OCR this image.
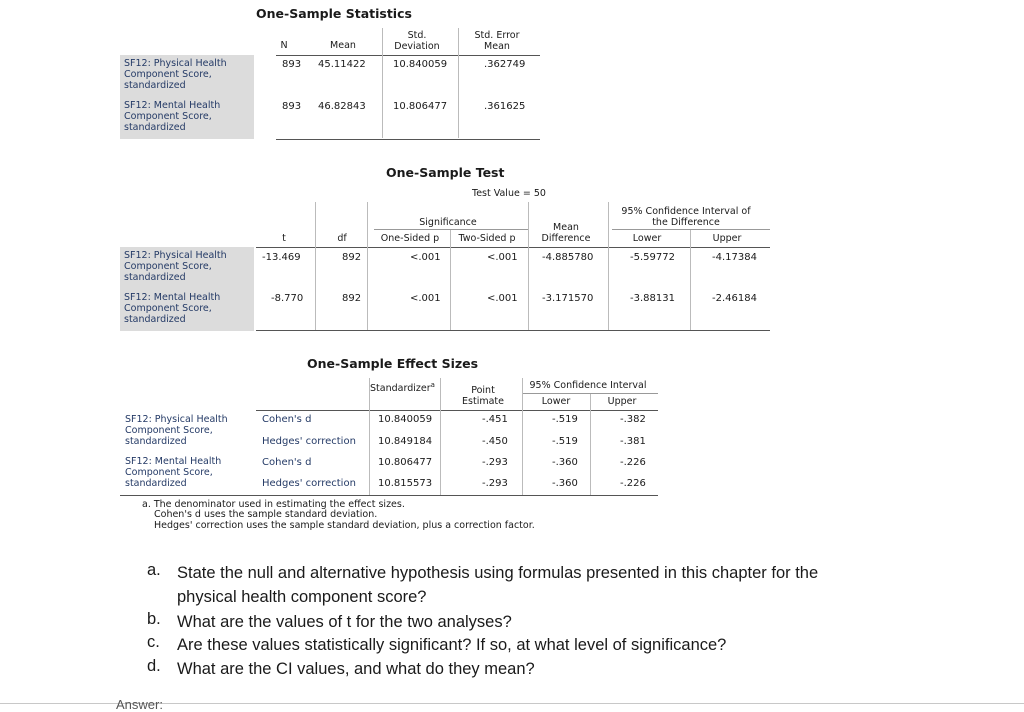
One-Sample Statistics
N	Mean
Std.
Deviation
Std. Error
Mean
SF12: Physical Health Component Score, standardized
893 45.11422	10.840059	.362749
SF12: Mental Health Component Score, standardized
893 46.82843	10.806477	.361625
One-Sample Test
Test Value = 50
95% Confidence Interval of
the Difference
Mean
Difference
Significance
t	df	One-Sided p	Two-Sided p	Lower	Upper
SF12: Physical Health Component Score, standardized
-13.469	892	<.001	<.001 -4.885780	-5.59772	-4.17384
SF12: Mental Health Component Score, standardized
-8.770	892	<.001	<.001 -3.171570	-3.88131	-2.46184
One-Sample Effect Sizes
Standardizer$^a$	Point
Estimate
95% Confidence Interval
Lower	Upper
SF12: Physical Health Component Score, standardized
Cohen's d	10.840059	-.451	-.519	-.382
Hedges' correction 10.849184	-.450	-.519	-.381
SF12: Mental Health Component Score, standardized
Cohen's d	10.806477	-.293	-.360	-.226
Hedges' correction 10.815573	-.293	-.360	-.226
a. The denominator used in estimating the effect sizes.
Cohen's d uses the sample standard deviation.
Hedges' correction uses the sample standard deviation, plus a correction factor.
a. State the null and alternative hypothesis using formulas presented in this chapter for the physical health component score?
b. What are the values of t for the two analyses?
c. Are these values statistically significant? If so, at what level of significance?
d. What are the CI values, and what do they mean?
Answer:
